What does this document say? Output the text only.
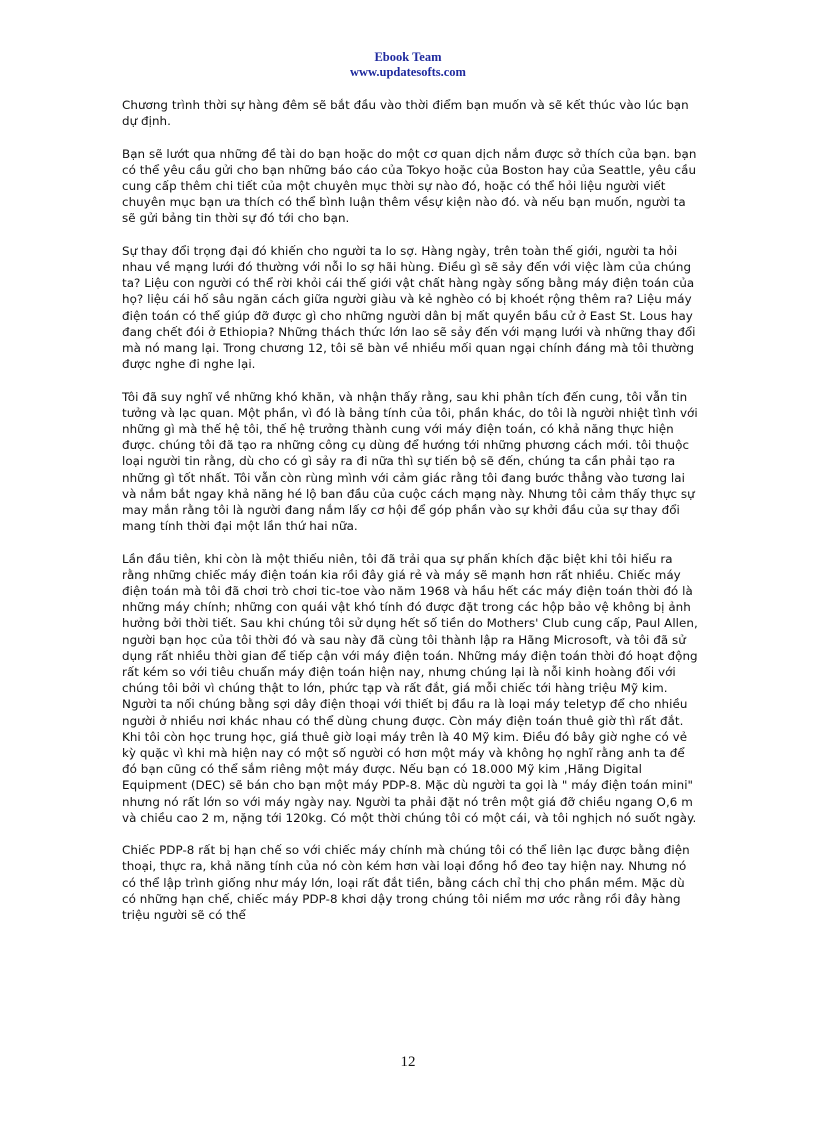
Ebook Team
www.updatesofts.com

Chương trình thời sự hàng đêm sẽ bắt đầu vào thời điểm bạn muốn và sẽ kết thúc vào lúc bạn dự định.

Bạn sẽ lướt qua những đề tài do bạn hoặc do một cơ quan dịch nắm được sở thích của bạn. bạn có thể yêu cầu gửi cho bạn những báo cáo của Tokyo hoặc của Boston hay của Seattle, yêu cầu cung cấp thêm chi tiết của một chuyên mục thời sự nào đó, hoặc có thể hỏi liệu người viết chuyên mục bạn ưa thích có thể bình luận thêm vềsự kiện nào đó. và nếu bạn muốn, người ta sẽ gửi bảng tin thời sự đó tới cho bạn.

Sự thay đổi trọng đại đó khiến cho người ta lo sợ. Hàng ngày, trên toàn thế giới, người ta hỏi nhau về mạng lưới đó thường với nỗi lo sợ hãi hùng. Điều gì sẽ sảy đến với việc làm của chúng ta? Liệu con người có thể rời khỏi cái thế giới vật chất hàng ngày sống bằng máy điện toán của họ? liệu cái hố sâu ngăn cách giữa người giàu và kẻ nghèo có bị khoét rộng thêm ra? Liệu máy điện toán có thể giúp đỡ được gì cho những người dân bị mất quyền bầu cử ở East St. Lous hay đang chết đói ở Ethiopia? Những thách thức lớn lao sẽ sảy đến với mạng lưới và những thay đổi mà nó mang lại. Trong chương 12, tôi sẽ bàn về nhiều mối quan ngại chính đáng mà tôi thường được nghe đi nghe lại.

Tôi đã suy nghĩ về những khó khăn, và nhận thấy rằng, sau khi phân tích đến cung, tôi vẫn tin tưởng và lạc quan. Một phần, vì đó là bảng tính của tôi, phần khác, do tôi là người nhiệt tình với những gì mà thế hệ tôi, thế hệ trưởng thành cung với máy điện toán, có khả năng thực hiện được. chúng tôi đã tạo ra những công cụ dùng để hướng tới những phương cách mới. tôi thuộc loại người tin rằng, dù cho có gì sảy ra đi nữa thì sự tiến bộ sẽ đến, chúng ta cần phải tạo ra những gì tốt nhất. Tôi vẫn còn rùng mình với cảm giác rằng tôi đang bước thẳng vào tương lai và nắm bắt ngay khả năng hé lộ ban đầu của cuộc cách mạng này. Nhưng tôi cảm thấy thực sự may mắn rằng tôi là người đang nắm lấy cơ hội để góp phần vào sự khởi đầu của sự thay đổi mang tính thời đại một lần thứ hai nữa.

Lần đầu tiên, khi còn là một thiếu niên, tôi đã trải qua sự phấn khích đặc biệt khi tôi hiểu ra rằng những chiếc máy điện toán kia rồi đây giá rẻ và máy sẽ mạnh hơn rất nhiều. Chiếc máy điện toán mà tôi đã chơi trò chơi tic-toe vào năm 1968 và hầu hết các máy điện toán thời đó là những máy chính; những con quái vật khó tính đó được đặt trong các hộp bảo vệ không bị ảnh hưởng bởi thời tiết. Sau khi chúng tôi sử dụng hết số tiền do Mothers' Club cung cấp, Paul Allen, người bạn học của tôi thời đó và sau này đã cùng tôi thành lập ra Hãng Microsoft, và tôi đã sử dụng rất nhiều thời gian để tiếp cận với máy điện toán. Những máy điện toán thời đó hoạt động rất kém so với tiêu chuẩn máy điện toán hiện nay, nhưng chúng lại là nỗi kinh hoàng đối với chúng tôi bởi vì chúng thật to lớn, phức tạp và rất đắt, giá mỗi chiếc tới hàng triệu Mỹ kim. Người ta nối chúng bằng sợi dây điện thoại với thiết bị đầu ra là loại máy teletyp để cho nhiều người ở nhiều nơi khác nhau có thể dùng chung được. Còn máy điện toán thuê giờ thì rất đắt. Khi tôi còn học trung học, giá thuê giờ loại máy trên là 40 Mỹ kim. Điều đó bây giờ nghe có vẻ kỳ quặc vì khi mà hiện nay có một số người có hơn một máy và không họ nghĩ rằng anh ta để đó bạn cũng có thể sắm riêng một máy được. Nếu bạn có 18.000 Mỹ kim ,Hãng Digital Equipment (DEC) sẽ bán cho bạn một máy PDP-8. Mặc dù người ta gọi là " máy điện toán mini" nhưng nó rất lớn so với máy ngày nay. Người ta phải đặt nó trên một giá đỡ chiều ngang O,6 m và chiều cao 2 m, nặng tới 120kg. Có một thời chúng tôi có một cái, và tôi nghịch nó suốt ngày.

Chiếc PDP-8 rất bị hạn chế so với chiếc máy chính mà chúng tôi có thể liên lạc được bằng điện thoại, thực ra, khả năng tính của nó còn kém hơn vài loại đồng hồ đeo tay hiện nay. Nhưng nó có thể lập trình giống như máy lớn, loại rất đắt tiền, bằng cách chỉ thị cho phần mềm. Mặc dù có những hạn chế, chiếc máy PDP-8 khơi dậy trong chúng tôi niềm mơ ước rằng rồi đây hàng triệu người sẽ có thể

12
